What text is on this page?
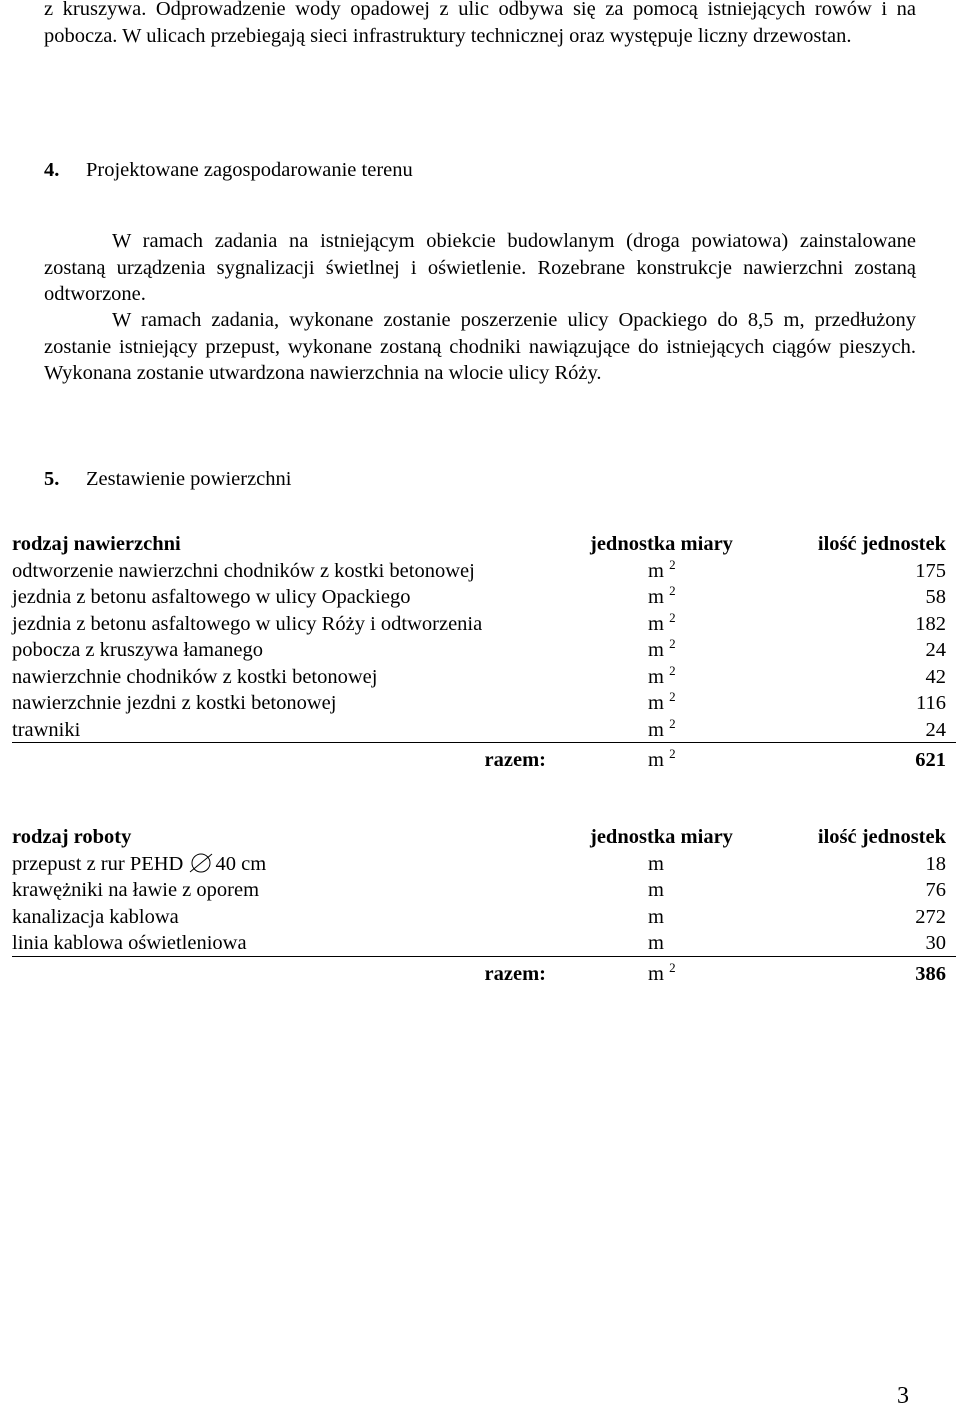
z kruszywa. Odprowadzenie wody opadowej z ulic odbywa się za pomocą istniejących rowów i na pobocza. W ulicach przebiegają sieci infrastruktury technicznej oraz występuje liczny drzewostan.
4. Projektowane zagospodarowanie terenu
W ramach zadania na istniejącym obiekcie budowlanym (droga powiatowa) zainstalowane zostaną urządzenia sygnalizacji świetlnej i oświetlenie. Rozebrane konstrukcje nawierzchni zostaną odtworzone.
W ramach zadania, wykonane zostanie poszerzenie ulicy Opackiego do 8,5 m, przedłużony zostanie istniejący przepust, wykonane zostaną chodniki nawiązujące do istniejących ciągów pieszych. Wykonana zostanie utwardzona nawierzchnia na wlocie ulicy Róży.
5. Zestawienie powierzchni
rodzaj nawierzchni	jednostka miary	ilość jednostek
odtworzenie nawierzchni chodników z kostki betonowej	m $^2$	175
jezdnia z betonu asfaltowego w ulicy Opackiego	m $^2$	58
jezdnia z betonu asfaltowego w ulicy Róży i odtworzenia	m $^2$	182
pobocza z kruszywa łamanego	m $^2$	24
nawierzchnie chodników z kostki betonowej	m $^2$	42
nawierzchnie jezdni z kostki betonowej	m $^2$	116
trawniki	m $^2$	24
razem:	m $^2$	621
rodzaj roboty	jednostka miary	ilość jednostek
przepust z rur PEHD 40 cm	m	18
krawężniki na ławie z oporem	m	76
kanalizacja kablowa	m	272
linia kablowa oświetleniowa	m	30
razem:	m $^2$	386
3
